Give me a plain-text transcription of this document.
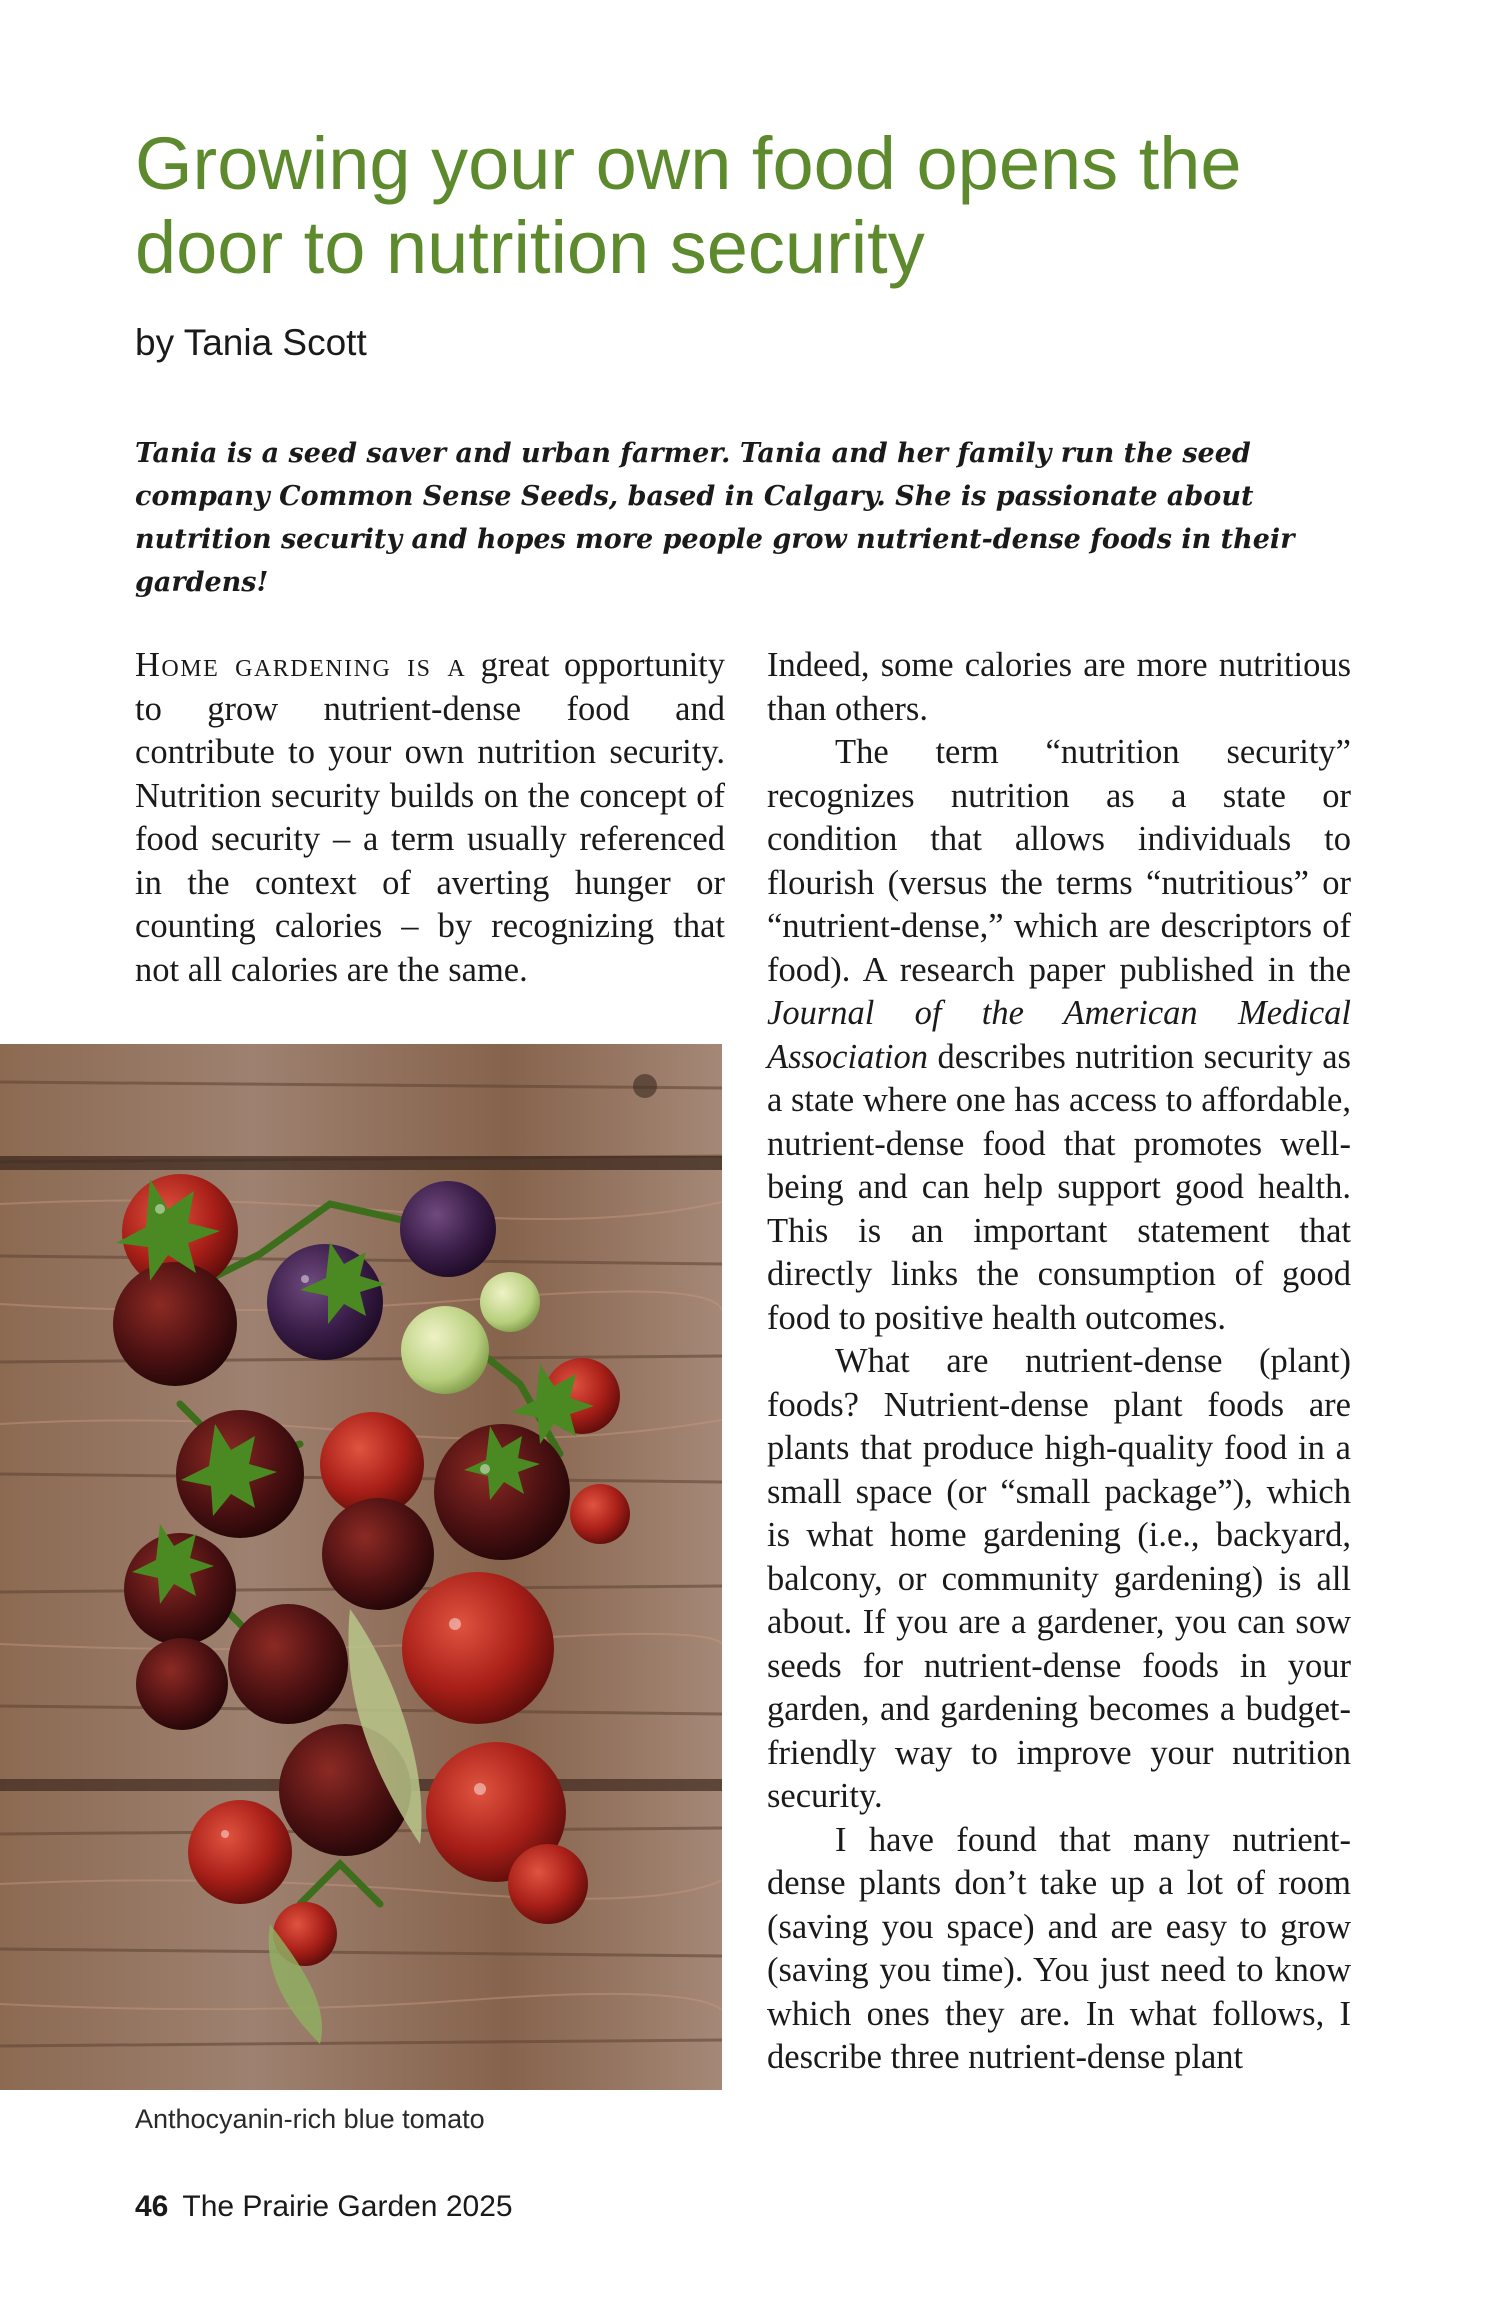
Growing your own food opens the door to nutrition security

by Tania Scott

Tania is a seed saver and urban farmer. Tania and her family run the seed company Common Sense Seeds, based in Calgary. She is passionate about nutrition security and hopes more people grow nutrient-dense foods in their gardens!

Home gardening is a great opportunity to grow nutrient-dense food and contribute to your own nutrition security. Nutrition security builds on the concept of food security – a term usually referenced in the context of averting hunger or counting calories – by recognizing that not all calories are the same.

Indeed, some calories are more nutritious than others.

The term “nutrition security” recognizes nutrition as a state or condition that allows individuals to flourish (versus the terms “nutritious” or “nutrient-dense,” which are descriptors of food). A research paper published in the Journal of the American Medical Association describes nutrition security as a state where one has access to affordable, nutrient-dense food that promotes well-being and can help support good health. This is an important statement that directly links the consumption of good food to positive health outcomes.

What are nutrient-dense (plant) foods? Nutrient-dense plant foods are plants that produce high-quality food in a small space (or “small package”), which is what home gardening (i.e., backyard, balcony, or community gardening) is all about. If you are a gardener, you can sow seeds for nutrient-dense foods in your garden, and gardening becomes a budget-friendly way to improve your nutrition security.

I have found that many nutrient-dense plants don’t take up a lot of room (saving you space) and are easy to grow (saving you time). You just need to know which ones they are. In what follows, I describe three nutrient-dense plant

Anthocyanin-rich blue tomato

46 The Prairie Garden 2025
